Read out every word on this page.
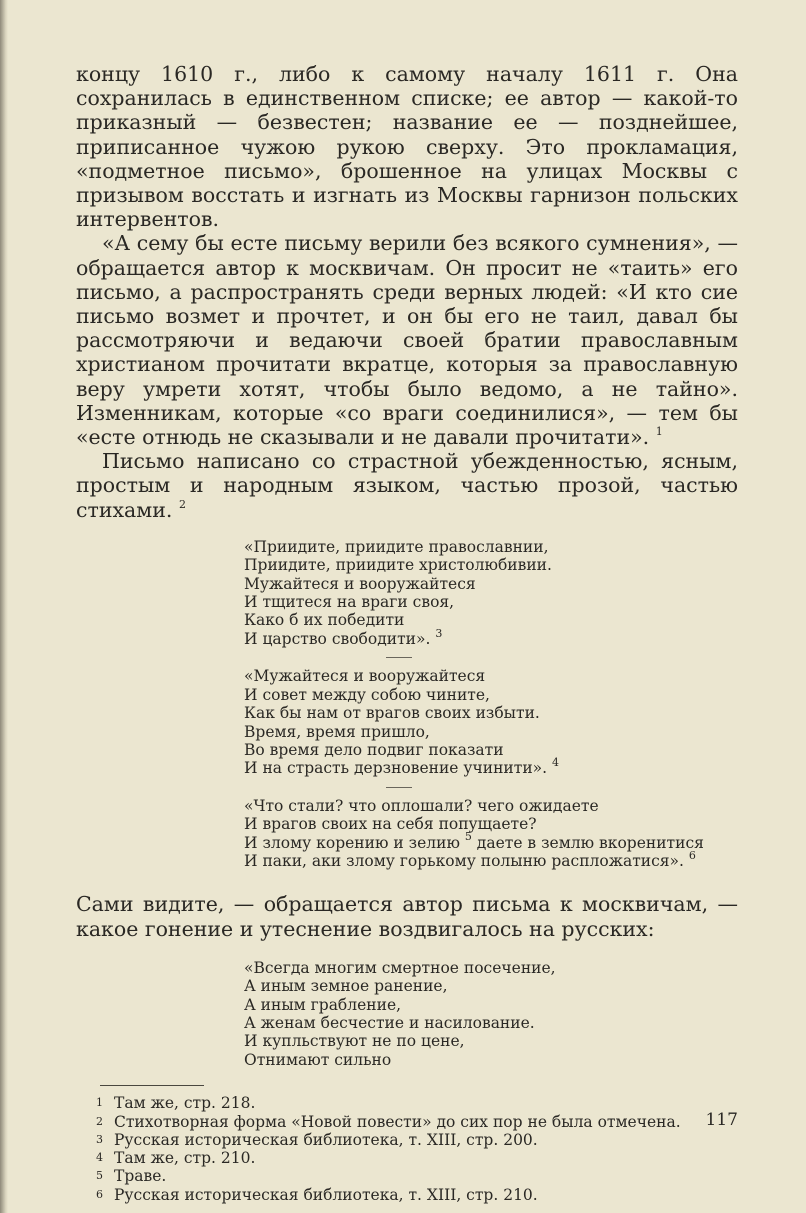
концу 1610 г., либо к самому началу 1611 г. Она сохранилась в единственном списке; ее автор — какой-то приказный — безвестен; название ее — позднейшее, приписанное чужою рукою сверху. Это прокламация, «подметное письмо», брошенное на улицах Москвы с призывом восстать и изгнать из Москвы гарнизон польских интервентов.

«А сему бы есте письму верили без всякого сумнения», — обращается автор к москвичам. Он просит не «таить» его письмо, а распространять среди верных людей: «И кто сие письмо возмет и прочтет, и он бы его не таил, давал бы рассмотряючи и ведаючи своей братии православным христианом прочитати вкратце, которыя за православную веру умрети хотят, чтобы было ведомо, а не тайно». Изменникам, которые «со враги соединилися», — тем бы «есте отнюдь не сказывали и не давали прочитати». $^1$

Письмо написано со страстной убежденностью, ясным, простым и народным языком, частью прозой, частью стихами. $^2$

«Приидите, приидите православнии,
Приидите, приидите христолюбивии.
Мужайтеся и вооружайтеся
И тщитеся на враги своя,
Како б их победити
И царство свободити». $^3$
«Мужайтеся и вооружайтеся
И совет между собою чините,
Как бы нам от врагов своих избыти.
Время, время пришло,
Во время дело подвиг показати
И на страсть дерзновение учинити». $^4$
«Что стали? что оплошали? чего ожидаете
И врагов своих на себя попущаете?
И злому корению и зелию $^5$ даете в землю вкоренитися
И паки, аки злому горькому полыню распложатися». $^6$

Сами видите, — обращается автор письма к москвичам, — какое гонение и утеснение воздвигалось на русских:

«Всегда многим смертное посечение,
А иным земное ранение,
А иным грабление,
А женам бесчестие и насилование.
И купльствуют не по цене,
Отнимают сильно
1 Там же, стр. 218.
2 Стихотворная форма «Новой повести» до сих пор не была отмечена.
3 Русская историческая библиотека, т. XIII, стр. 200.
4 Там же, стр. 210.
5 Траве.
6 Русская историческая библиотека, т. XIII, стр. 210.
117
